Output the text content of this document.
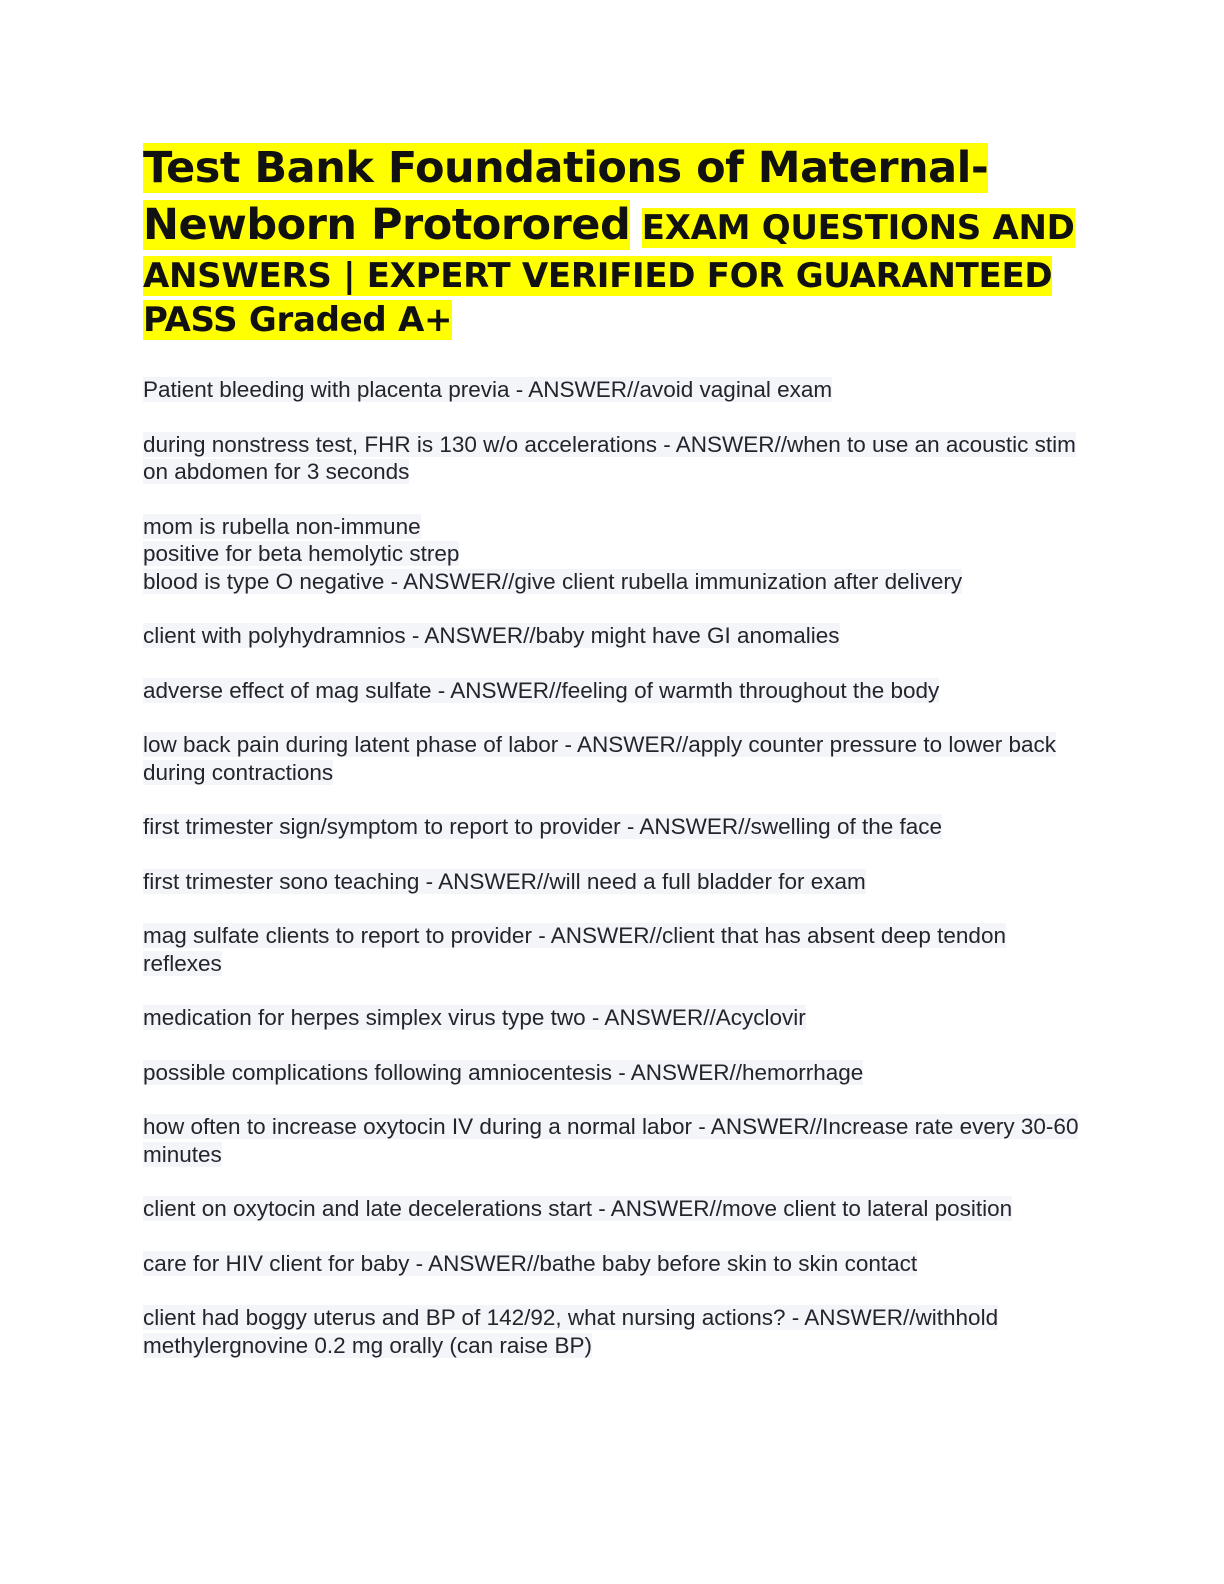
Test Bank Foundations of Maternal-Newborn Protorored EXAM QUESTIONS AND ANSWERS | EXPERT VERIFIED FOR GUARANTEED PASS Graded A+

Patient bleeding with placenta previa - ANSWER//avoid vaginal exam

during nonstress test, FHR is 130 w/o accelerations - ANSWER//when to use an acoustic stim on abdomen for 3 seconds

mom is rubella non-immune
positive for beta hemolytic strep
blood is type O negative - ANSWER//give client rubella immunization after delivery

client with polyhydramnios - ANSWER//baby might have GI anomalies

adverse effect of mag sulfate - ANSWER//feeling of warmth throughout the body

low back pain during latent phase of labor - ANSWER//apply counter pressure to lower back during contractions

first trimester sign/symptom to report to provider - ANSWER//swelling of the face

first trimester sono teaching - ANSWER//will need a full bladder for exam

mag sulfate clients to report to provider - ANSWER//client that has absent deep tendon reflexes

medication for herpes simplex virus type two - ANSWER//Acyclovir

possible complications following amniocentesis - ANSWER//hemorrhage

how often to increase oxytocin IV during a normal labor - ANSWER//Increase rate every 30-60 minutes

client on oxytocin and late decelerations start - ANSWER//move client to lateral position

care for HIV client for baby - ANSWER//bathe baby before skin to skin contact

client had boggy uterus and BP of 142/92, what nursing actions? - ANSWER//withhold methylergnovine 0.2 mg orally (can raise BP)
